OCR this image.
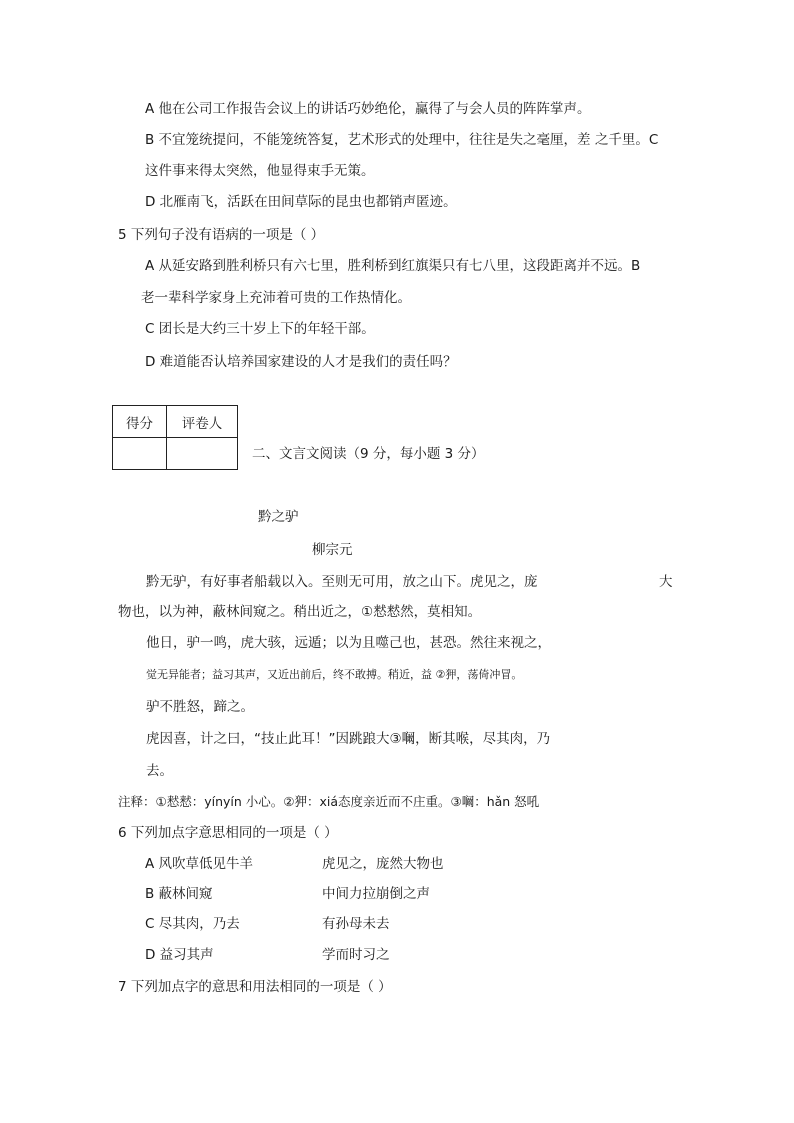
A 他在公司工作报告会议上的讲话巧妙绝伦，赢得了与会人员的阵阵掌声。
B 不宜笼统提问，不能笼统答复，艺术形式的处理中，往往是失之毫厘，差 之千里。C
这件事来得太突然，他显得束手无策。
D 北雁南飞，活跃在田间草际的昆虫也都销声匿迹。
5 下列句子没有语病的一项是（ ）
A 从延安路到胜利桥只有六七里，胜利桥到红旗渠只有七八里，这段距离并不远。B
老一辈科学家身上充沛着可贵的工作热情化。
C 团长是大约三十岁上下的年轻干部。
D 难道能否认培养国家建设的人才是我们的责任吗？
得分	评卷人

二、文言文阅读（9 分，每小题 3 分）
黔之驴
柳宗元
黔无驴，有好事者船载以入。至则无可用，放之山下。虎见之，庞	大
物也，以为神，蔽林间窥之。稍出近之，①慭慭然，莫相知。
他日，驴一鸣，虎大骇，远遁；以为且噬己也，甚恐。然往来视之，
觉无异能者；益习其声，又近出前后，终不敢搏。稍近，益 ②狎，荡倚冲冒。
驴不胜怒，蹄之。
虎因喜，计之曰，“技止此耳！”因跳踉大③㘎，断其喉，尽其肉，乃
去。
注释：①慭慭：yínyín 小心。②狎：xiá态度亲近而不庄重。③㘎：hǎn 怒吼
6 下列加点字意思相同的一项是（ ）
A 风吹草低见牛羊	虎见之，庞然大物也
B 蔽林间窥	中间力拉崩倒之声
C 尽其肉，乃去	有孙母未去
D 益习其声	学而时习之
7 下列加点字的意思和用法相同的一项是（ ）
